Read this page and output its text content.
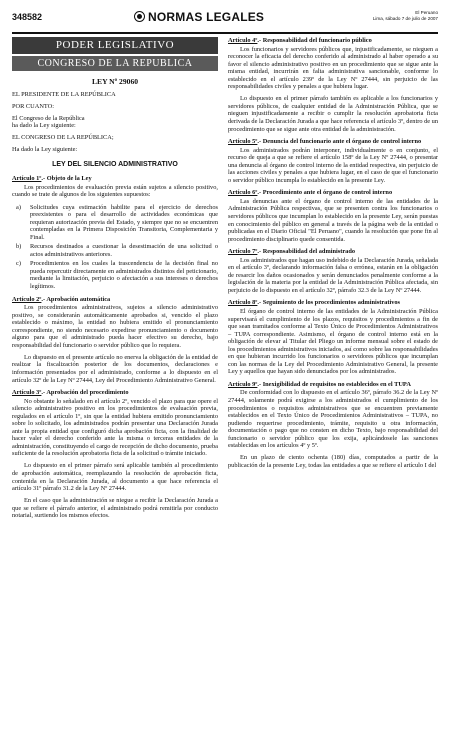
348582	NORMAS LEGALES	El Peruano
Lima, sábado 7 de julio de 2007
PODER LEGISLATIVO
CONGRESO DE LA REPUBLICA
LEY Nº 29060

EL PRESIDENTE DE LA REPÚBLICA

POR CUANTO:

El Congreso de la República
ha dado la Ley siguiente:

EL CONGRESO DE LA REPÚBLICA;

Ha dado la Ley siguiente:

LEY DEL SILENCIO ADMINISTRATIVO
Artículo 1º.- Objeto de la Ley

Los procedimientos de evaluación previa están sujetos a silencio positivo, cuando se trate de algunos de los siguientes supuestos:

a)	Solicitudes cuya estimación habilite para el ejercicio de derechos preexistentes o para el desarrollo de actividades económicas que requieran autorización previa del Estado, y siempre que no se encuentren contempladas en la Primera Disposición Transitoria, Complementaria y Final.
b)	Recursos destinados a cuestionar la desestimación de una solicitud o actos administrativos anteriores.
c)	Procedimientos en los cuales la trascendencia de la decisión final no pueda repercutir directamente en administrados distintos del peticionario, mediante la limitación, perjuicio o afectación a sus intereses o derechos legítimos.
Artículo 2º.- Aprobación automática

Los procedimientos administrativos, sujetos a silencio administrativo positivo, se considerarán automáticamente aprobados si, vencido el plazo establecido o máximo, la entidad no hubiera emitido el pronunciamiento correspondiente, no siendo necesario expedirse pronunciamiento o documento alguno para que el administrado pueda hacer efectivo su derecho, bajo responsabilidad del funcionario o servidor público que lo requiera.

Lo dispuesto en el presente artículo no enerva la obligación de la entidad de realizar la fiscalización posterior de los documentos, declaraciones e información presentados por el administrado, conforme a lo dispuesto en el artículo 32º de la Ley Nº 27444, Ley del Procedimiento Administrativo General.

Artículo 3º.- Aprobación del procedimiento

No obstante lo señalado en el artículo 2º, vencido el plazo para que opere el silencio administrativo positivo en los procedimientos de evaluación previa, regulados en el artículo 1º, sin que la entidad hubiera emitido pronunciamiento sobre lo solicitado, los administrados podrán presentar una Declaración Jurada ante la propia entidad que configuró dicha aprobación ficta, con la finalidad de hacer valer el derecho conferido ante la misma o terceras entidades de la administración, constituyendo el cargo de recepción de dicho documento, prueba suficiente de la resolución aprobatoria ficta de la solicitud o trámite iniciado.

Lo dispuesto en el primer párrafo será aplicable también al procedimiento de aprobación automática, reemplazando la resolución de aprobación ficta, contenida en la Declaración Jurada, al documento a que hace referencia el artículo 31º párrafo 31.2 de la Ley Nº 27444.

En el caso que la administración se niegue a recibir la Declaración Jurada a que se refiere el párrafo anterior, el administrado podrá remitirla por conducto notarial, surtiendo los mismos efectos.

Artículo 4º.- Responsabilidad del funcionario público

Los funcionarios y servidores públicos que, injustificadamente, se nieguen a reconocer la eficacia del derecho conferido al administrado al haber operado a su favor el silencio administrativo positivo en un procedimiento que se sigue ante la misma entidad, incurrirán en falta administrativa sancionable, conforme lo establecido en el artículo 239º de la Ley Nº 27444, sin perjuicio de las responsabilidades civiles y penales a que hubiera lugar.

Lo dispuesto en el primer párrafo también es aplicable a los funcionarios y servidores públicos, de cualquier entidad de la Administración Pública, que se nieguen injustificadamente a recibir o cumplir la resolución aprobatoria ficta derivada de la Declaración Jurada a que hace referencia el artículo 3º, dentro de un procedimiento que se sigue ante otra entidad de la administración.

Artículo 5º.- Denuncia del funcionario ante el órgano de control interno

Los administrados podrán interponer, individualmente o en conjunto, el recurso de queja a que se refiere el artículo 158º de la Ley Nº 27444, o presentar una denuncia al órgano de control interno de la entidad respectiva, sin perjuicio de las acciones civiles y penales a que hubiera lugar, en el caso de que el funcionario o servidor público incumpla lo establecido en la presente Ley.

Artículo 6º.- Procedimiento ante el órgano de control interno

Las denuncias ante el órgano de control interno de las entidades de la Administración Pública respectivas, que se presenten contra los funcionarios o servidores públicos que incumplan lo establecido en la presente Ley, serán puestas en conocimiento del público en general a través de la página web de la entidad o publicadas en el Diario Oficial "El Peruano", cuando la resolución que pone fin al procedimiento disciplinario quede consentida.

Artículo 7º.- Responsabilidad del administrado

Los administrados que hagan uso indebido de la Declaración Jurada, señalada en el artículo 3º, declarando información falsa o errónea, estarán en la obligación de resarcir los daños ocasionados y serán denunciados penalmente conforme a la legislación de la materia por la entidad de la Administración Pública afectada, sin perjuicio de lo dispuesto en el artículo 32º, párrafo 32.3 de la Ley Nº 27444.

Artículo 8º.- Seguimiento de los procedimientos administrativos

El órgano de control interno de las entidades de la Administración Pública supervisará el cumplimiento de los plazos, requisitos y procedimientos a fin de que sean tramitados conforme al Texto Único de Procedimientos Administrativos – TUPA correspondiente. Asimismo, el órgano de control interno está en la obligación de elevar al Titular del Pliego un informe mensual sobre el estado de los procedimientos administrativos iniciados, así como sobre las responsabilidades en que hubieran incurrido los funcionarios o servidores públicos que incumplan con las normas de la Ley del Procedimiento Administrativo General, la presente Ley y aquellos que hayan sido denunciados por los administrados.

Artículo 9º.- Inexigibilidad de requisitos no establecidos en el TUPA

De conformidad con lo dispuesto en el artículo 36º, párrafo 36.2 de la Ley Nº 27444, solamente podrá exigirse a los administrados el cumplimiento de los procedimientos o requisitos administrativos que se encuentren previamente establecidos en el Texto Único de Procedimientos Administrativos – TUPA, no pudiendo requerirse procedimiento, trámite, requisito u otra información, documentación o pago que no consten en dicho Texto, bajo responsabilidad del funcionario o servidor público que los exija, aplicándosele las sanciones establecidas en los artículos 4º y 5º.

En un plazo de ciento ochenta (180) días, computados a partir de la publicación de la presente Ley, todas las entidades a que se refiere el artículo I del
